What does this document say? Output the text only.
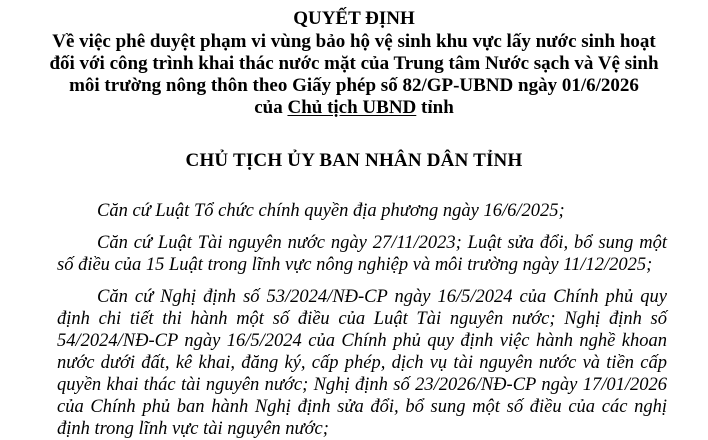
QUYẾT ĐỊNH
Về việc phê duyệt phạm vi vùng bảo hộ vệ sinh khu vực lấy nước sinh hoạt
đối với công trình khai thác nước mặt của Trung tâm Nước sạch và Vệ sinh
môi trường nông thôn theo Giấy phép số 82/GP-UBND ngày 01/6/2026
của Chủ tịch UBND tỉnh
CHỦ TỊCH ỦY BAN NHÂN DÂN TỈNH

Căn cứ Luật Tổ chức chính quyền địa phương ngày 16/6/2025;

Căn cứ Luật Tài nguyên nước ngày 27/11/2023; Luật sửa đổi, bổ sung một số điều của 15 Luật trong lĩnh vực nông nghiệp và môi trường ngày 11/12/2025;

Căn cứ Nghị định số 53/2024/NĐ-CP ngày 16/5/2024 của Chính phủ quy định chi tiết thi hành một số điều của Luật Tài nguyên nước; Nghị định số 54/2024/NĐ-CP ngày 16/5/2024 của Chính phủ quy định việc hành nghề khoan nước dưới đất, kê khai, đăng ký, cấp phép, dịch vụ tài nguyên nước và tiền cấp quyền khai thác tài nguyên nước; Nghị định số 23/2026/NĐ-CP ngày 17/01/2026 của Chính phủ ban hành Nghị định sửa đổi, bổ sung một số điều của các nghị định trong lĩnh vực tài nguyên nước;
